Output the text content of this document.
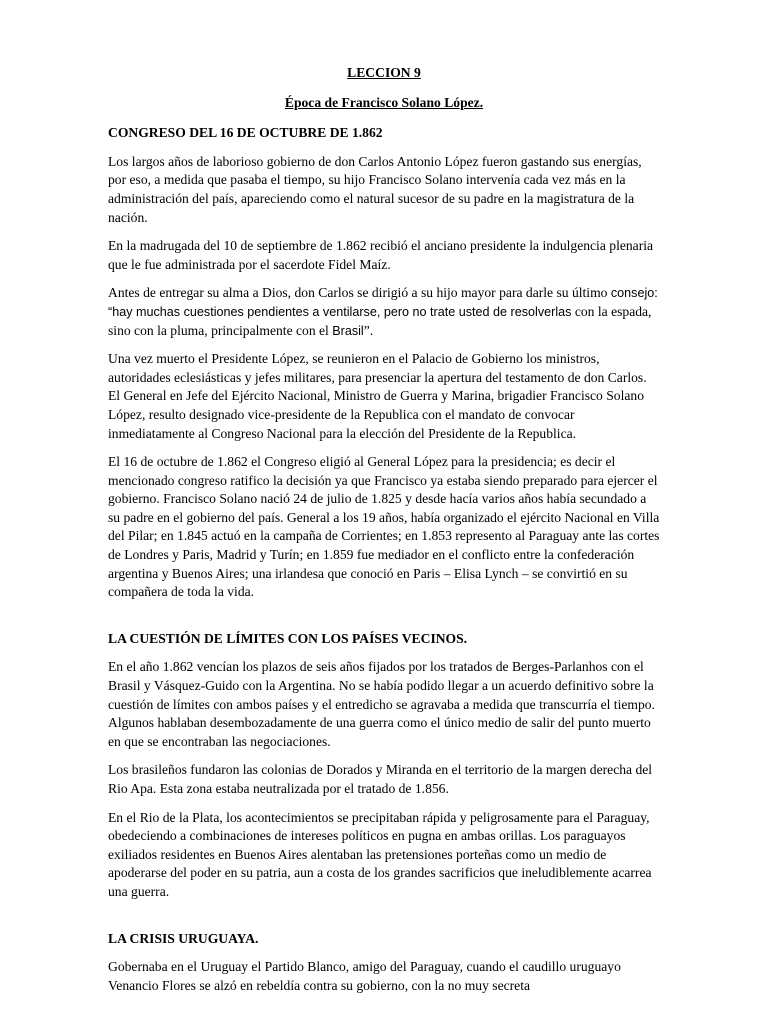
LECCION 9

Época de Francisco Solano López.

CONGRESO DEL 16 DE OCTUBRE DE 1.862

Los largos años de laborioso gobierno de don Carlos Antonio López fueron gastando sus energías, por eso, a medida que pasaba el tiempo, su hijo Francisco Solano intervenía cada vez más en la administración del país, apareciendo como el natural sucesor de su padre en la magistratura de la nación.

En la madrugada del 10 de septiembre de 1.862 recibió el anciano presidente la indulgencia plenaria que le fue administrada por el sacerdote Fidel Maíz.

Antes de entregar su alma a Dios, don Carlos se dirigió a su hijo mayor para darle su último consejo: “hay muchas cuestiones pendientes a ventilarse, pero no trate usted de resolverlas con la espada, sino con la pluma, principalmente con el Brasil”.

Una vez muerto el Presidente López, se reunieron en el Palacio de Gobierno los ministros, autoridades eclesiásticas y jefes militares, para presenciar la apertura del testamento de don Carlos. El General en Jefe del Ejército Nacional, Ministro de Guerra y Marina, brigadier Francisco Solano López, resulto designado vice-presidente de la Republica con el mandato de convocar inmediatamente al Congreso Nacional para la elección del Presidente de la Republica.

El 16 de octubre de 1.862 el Congreso eligió al General López para la presidencia; es decir el mencionado congreso ratifico la decisión ya que Francisco ya estaba siendo preparado para ejercer el gobierno. Francisco Solano nació 24 de julio de 1.825 y desde hacía varios años había secundado a su padre en el gobierno del país. General a los 19 años, había organizado el ejército Nacional en Villa del Pilar; en 1.845 actuó en la campaña de Corrientes; en 1.853 represento al Paraguay ante las cortes de Londres y Paris, Madrid y Turín; en 1.859 fue mediador en el conflicto entre la confederación argentina y Buenos Aires; una irlandesa que conoció en Paris – Elisa Lynch – se convirtió en su compañera de toda la vida.

LA CUESTIÓN DE LÍMITES CON LOS PAÍSES VECINOS.

En el año 1.862 vencían los plazos de seis años fijados por los tratados de Berges-Parlanhos con el Brasil y Vásquez-Guido con la Argentina. No se había podido llegar a un acuerdo definitivo sobre la cuestión de límites con ambos países y el entredicho se agravaba a medida que transcurría el tiempo. Algunos hablaban desembozadamente de una guerra como el único medio de salir del punto muerto en que se encontraban las negociaciones.

Los brasileños fundaron las colonias de Dorados y Miranda en el territorio de la margen derecha del Rio Apa. Esta zona estaba neutralizada por el tratado de 1.856.

En el Rio de la Plata, los acontecimientos se precipitaban rápida y peligrosamente para el Paraguay, obedeciendo a combinaciones de intereses políticos en pugna en ambas orillas. Los paraguayos exiliados residentes en Buenos Aires alentaban las pretensiones porteñas como un medio de apoderarse del poder en su patria, aun a costa de los grandes sacrificios que ineludiblemente acarrea una guerra.

LA CRISIS URUGUAYA.

Gobernaba en el Uruguay el Partido Blanco, amigo del Paraguay, cuando el caudillo uruguayo Venancio Flores se alzó en rebeldía contra su gobierno, con la no muy secreta
